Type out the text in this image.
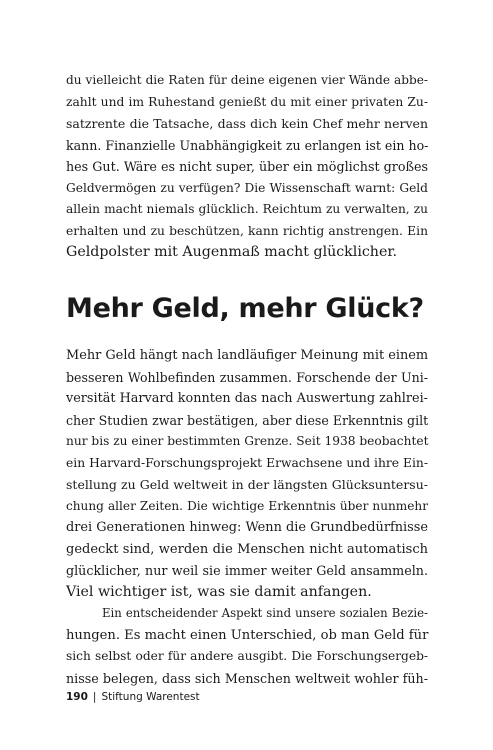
du vielleicht die Raten für deine eigenen vier Wände abbe-
zahlt und im Ruhestand genießt du mit einer privaten Zu-
satzrente die Tatsache, dass dich kein Chef mehr nerven
kann. Finanzielle Unabhängigkeit zu erlangen ist ein ho-
hes Gut. Wäre es nicht super, über ein möglichst großes
Geldvermögen zu verfügen? Die Wissenschaft warnt: Geld
allein macht niemals glücklich. Reichtum zu verwalten, zu
erhalten und zu beschützen, kann richtig anstrengen. Ein
Geldpolster mit Augenmaß macht glücklicher.
Mehr Geld, mehr Glück?

Mehr Geld hängt nach landläufiger Meinung mit einem
besseren Wohlbefinden zusammen. Forschende der Uni-
versität Harvard konnten das nach Auswertung zahlrei-
cher Studien zwar bestätigen, aber diese Erkenntnis gilt
nur bis zu einer bestimmten Grenze. Seit 1938 beobachtet
ein Harvard-Forschungsprojekt Erwachsene und ihre Ein-
stellung zu Geld weltweit in der längsten Glücksuntersu-
chung aller Zeiten. Die wichtige Erkenntnis über nunmehr
drei Generationen hinweg: Wenn die Grundbedürfnisse
gedeckt sind, werden die Menschen nicht automatisch
glücklicher, nur weil sie immer weiter Geld ansammeln.
Viel wichtiger ist, was sie damit anfangen.

Ein entscheidender Aspekt sind unsere sozialen Bezie-
hungen. Es macht einen Unterschied, ob man Geld für
sich selbst oder für andere ausgibt. Die Forschungsergeb-
nisse belegen, dass sich Menschen weltweit wohler füh-

190 | Stiftung Warentest
